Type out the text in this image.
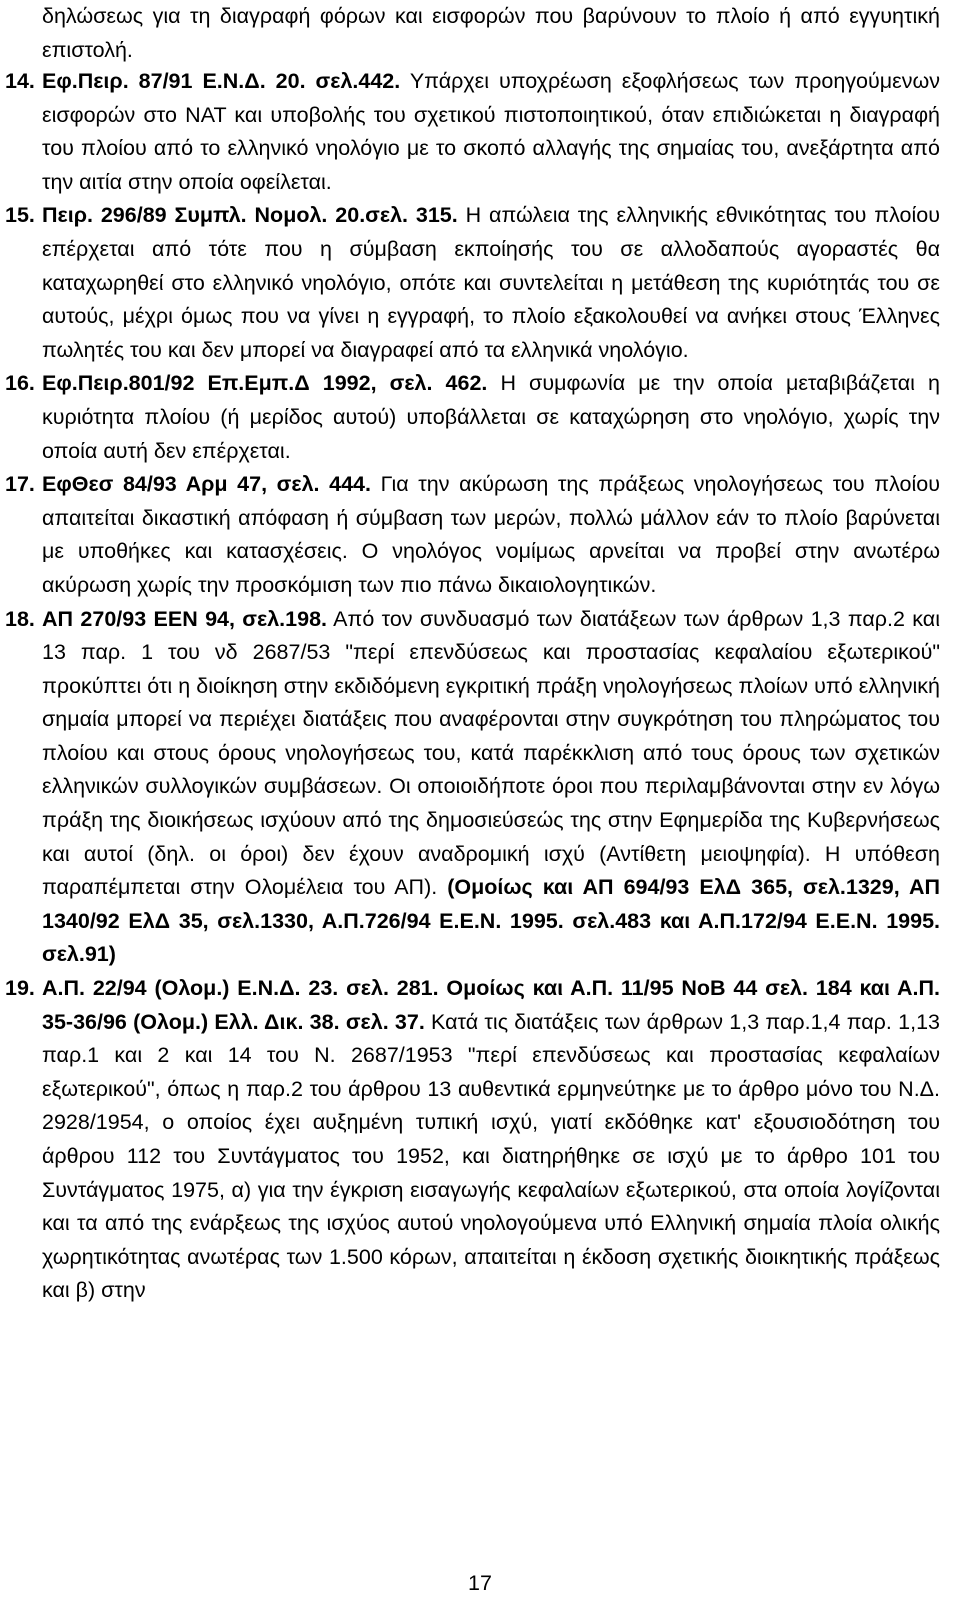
δηλώσεως για τη διαγραφή φόρων και εισφορών που βαρύνουν το πλοίο ή από εγγυητική επιστολή.
14. Εφ.Πειρ. 87/91 Ε.Ν.Δ. 20. σελ.442. Υπάρχει υποχρέωση εξοφλήσεως των προηγούμενων εισφορών στο ΝΑΤ και υποβολής του σχετικού πιστοποιητικού, όταν επιδιώκεται η διαγραφή του πλοίου από το ελληνικό νηολόγιο με το σκοπό αλλαγής της σημαίας του, ανεξάρτητα από την αιτία στην οποία οφείλεται.
15. Πειρ. 296/89 Συμπλ. Νομολ. 20.σελ. 315. Η απώλεια της ελληνικής εθνικότητας του πλοίου επέρχεται από τότε που η σύμβαση εκποίησής του σε αλλοδαπούς αγοραστές θα καταχωρηθεί στο ελληνικό νηολόγιο, οπότε και συντελείται η μετάθεση της κυριότητάς του σε αυτούς, μέχρι όμως που να γίνει η εγγραφή, το πλοίο εξακολουθεί να ανήκει στους Έλληνες πωλητές του και δεν μπορεί να διαγραφεί από τα ελληνικά νηολόγιο.
16. Εφ.Πειρ.801/92 Επ.Εμπ.Δ 1992, σελ. 462. Η συμφωνία με την οποία μεταβιβάζεται η κυριότητα πλοίου (ή μερίδος αυτού) υποβάλλεται σε καταχώρηση στο νηολόγιο, χωρίς την οποία αυτή δεν επέρχεται.
17. ΕφΘεσ 84/93 Αρμ 47, σελ. 444. Για την ακύρωση της πράξεως νηολογήσεως του πλοίου απαιτείται δικαστική απόφαση ή σύμβαση των μερών, πολλώ μάλλον εάν το πλοίο βαρύνεται με υποθήκες και κατασχέσεις. Ο νηολόγος νομίμως αρνείται να προβεί στην ανωτέρω ακύρωση χωρίς την προσκόμιση των πιο πάνω δικαιολογητικών.
18. ΑΠ 270/93 ΕΕΝ 94, σελ.198. Από τον συνδυασμό των διατάξεων των άρθρων 1,3 παρ.2 και 13 παρ. 1 του νδ 2687/53 "περί επενδύσεως και προστασίας κεφαλαίου εξωτερικού" προκύπτει ότι η διοίκηση στην εκδιδόμενη εγκριτική πράξη νηολογήσεως πλοίων υπό ελληνική σημαία μπορεί να περιέχει διατάξεις που αναφέρονται στην συγκρότηση του πληρώματος του πλοίου και στους όρους νηολογήσεως του, κατά παρέκκλιση από τους όρους των σχετικών ελληνικών συλλογικών συμβάσεων. Οι οποιοιδήποτε όροι που περιλαμβάνονται στην εν λόγω πράξη της διοικήσεως ισχύουν από της δημοσιεύσεώς της στην Εφημερίδα της Κυβερνήσεως και αυτοί (δηλ. οι όροι) δεν έχουν αναδρομική ισχύ (Αντίθετη μειοψηφία). Η υπόθεση παραπέμπεται στην Ολομέλεια του ΑΠ). (Ομοίως και ΑΠ 694/93 ΕλΔ 365, σελ.1329, ΑΠ 1340/92 ΕλΔ 35, σελ.1330, Α.Π.726/94 Ε.Ε.Ν. 1995. σελ.483 και Α.Π.172/94 Ε.Ε.Ν. 1995. σελ.91)
19. Α.Π. 22/94 (Ολομ.) Ε.Ν.Δ. 23. σελ. 281. Ομοίως και Α.Π. 11/95 ΝοΒ 44 σελ. 184 και Α.Π. 35-36/96 (Ολομ.) Ελλ. Δικ. 38. σελ. 37. Κατά τις διατάξεις των άρθρων 1,3 παρ.1,4 παρ. 1,13 παρ.1 και 2 και 14 του Ν. 2687/1953 "περί επενδύσεως και προστασίας κεφαλαίων εξωτερικού", όπως η παρ.2 του άρθρου 13 αυθεντικά ερμηνεύτηκε με το άρθρο μόνο του Ν.Δ. 2928/1954, ο οποίος έχει αυξημένη τυπική ισχύ, γιατί εκδόθηκε κατ' εξουσιοδότηση του άρθρου 112 του Συντάγματος του 1952, και διατηρήθηκε σε ισχύ με το άρθρο 101 του Συντάγματος 1975, α) για την έγκριση εισαγωγής κεφαλαίων εξωτερικού, στα οποία λογίζονται και τα από της ενάρξεως της ισχύος αυτού νηολογούμενα υπό Ελληνική σημαία πλοία ολικής χωρητικότητας ανωτέρας των 1.500 κόρων, απαιτείται η έκδοση σχετικής διοικητικής πράξεως και β) στην
17
